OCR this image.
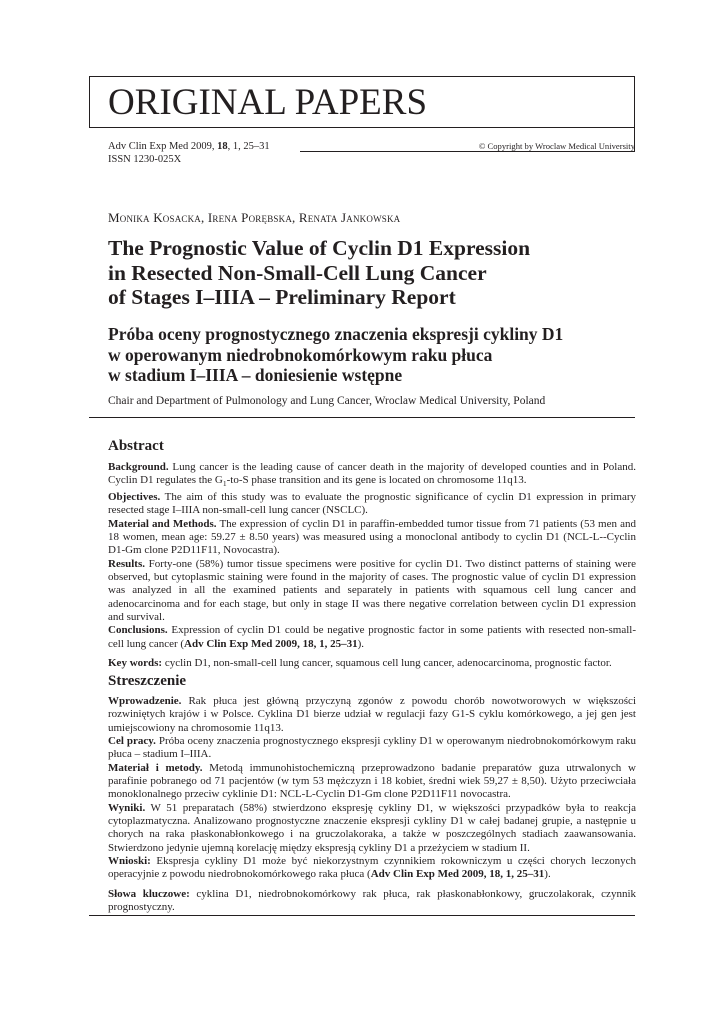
ORIGINAL PAPERS
Adv Clin Exp Med 2009, 18, 1, 25–31
ISSN 1230-025X
© Copyright by Wroclaw Medical University
Monika Kosacka, Irena Porębska, Renata Jankowska
The Prognostic Value of Cyclin D1 Expression
in Resected Non-Small-Cell Lung Cancer
of Stages I–IIIA – Preliminary Report
Próba oceny prognostycznego znaczenia ekspresji cykliny D1
w operowanym niedrobnokomórkowym raku płuca
w stadium I–IIIA – doniesienie wstępne
Chair and Department of Pulmonology and Lung Cancer, Wroclaw Medical University, Poland
Abstract

Background. Lung cancer is the leading cause of cancer death in the majority of developed counties and in Poland. Cyclin D1 regulates the $G_1-to-S$ phase transition and its gene is located on chromosome 11q13.

Objectives. The aim of this study was to evaluate the prognostic significance of cyclin D1 expression in primary resected stage I–IIIA non-small-cell lung cancer (NSCLC).

Material and Methods. The expression of cyclin D1 in paraffin-embedded tumor tissue from 71 patients (53 men and 18 women, mean age: 59.27 ± 8.50 years) was measured using a monoclonal antibody to cyclin D1 (NCL-L--Cyclin D1-Gm clone P2D11F11, Novocastra).

Results. Forty-one (58%) tumor tissue specimens were positive for cyclin D1. Two distinct patterns of staining were observed, but cytoplasmic staining were found in the majority of cases. The prognostic value of cyclin D1 expression was analyzed in all the examined patients and separately in patients with squamous cell lung cancer and adenocarcinoma and for each stage, but only in stage II was there negative correlation between cyclin D1 expression and survival.

Conclusions. Expression of cyclin D1 could be negative prognostic factor in some patients with resected non-small-cell lung cancer (Adv Clin Exp Med 2009, 18, 1, 25–31).

Key words: cyclin D1, non-small-cell lung cancer, squamous cell lung cancer, adenocarcinoma, prognostic factor.

Streszczenie

Wprowadzenie. Rak płuca jest główną przyczyną zgonów z powodu chorób nowotworowych w większości rozwiniętych krajów i w Polsce. Cyklina D1 bierze udział w regulacji fazy G1-S cyklu komórkowego, a jej gen jest umiejscowiony na chromosomie 11q13.

Cel pracy. Próba oceny znaczenia prognostycznego ekspresji cykliny D1 w operowanym niedrobnokomórkowym raku płuca – stadium I–IIIA.

Materiał i metody. Metodą immunohistochemiczną przeprowadzono badanie preparatów guza utrwalonych w parafinie pobranego od 71 pacjentów (w tym 53 mężczyzn i 18 kobiet, średni wiek 59,27 ± 8,50). Użyto przeciwciała monoklonalnego przeciw cyklinie D1: NCL-L-Cyclin D1-Gm clone P2D11F11 novocastra.

Wyniki. W 51 preparatach (58%) stwierdzono ekspresję cykliny D1, w większości przypadków była to reakcja cytoplazmatyczna. Analizowano prognostyczne znaczenie ekspresji cykliny D1 w całej badanej grupie, a następnie u chorych na raka płaskonabłonkowego i na gruczolakoraka, a także w poszczególnych stadiach zaawansowania. Stwierdzono jedynie ujemną korelację między ekspresją cykliny D1 a przeżyciem w stadium II.

Wnioski: Ekspresja cykliny D1 może być niekorzystnym czynnikiem rokowniczym u części chorych leczonych operacyjnie z powodu niedrobnokomórkowego raka płuca (Adv Clin Exp Med 2009, 18, 1, 25–31).

Słowa kluczowe: cyklina D1, niedrobnokomórkowy rak płuca, rak płaskonabłonkowy, gruczolakorak, czynnik prognostyczny.
